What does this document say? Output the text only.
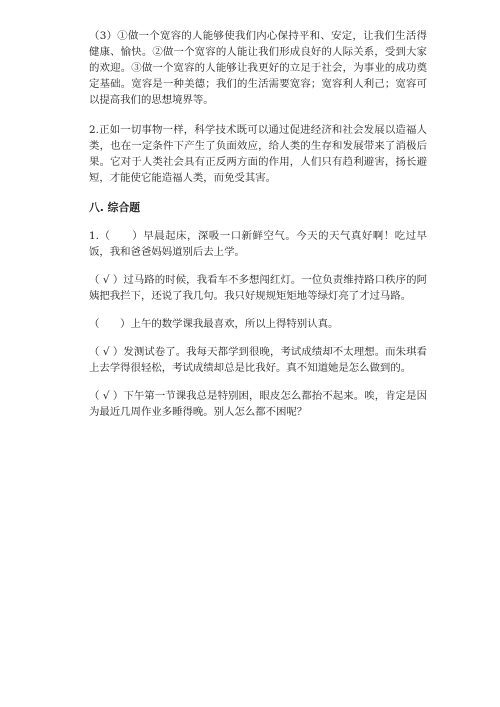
（3）①做一个宽容的人能够使我们内心保持平和、安定，让我们生活得健康、愉快。②做一个宽容的人能让我们形成良好的人际关系，受到大家的欢迎。③做一个宽容的人能够让我更好的立足于社会，为事业的成功奠定基础。宽容是一种美德；我们的生活需要宽容；宽容利人利己；宽容可以提高我们的思想境界等。

2.正如一切事物一样，科学技术既可以通过促进经济和社会发展以造福人类，也在一定条件下产生了负面效应，给人类的生存和发展带来了消极后果。它对于人类社会具有正反两方面的作用，人们只有趋利避害，扬长避短，才能使它能造福人类，而免受其害。

八. 综合题

1.（　　）早晨起床，深吸一口新鲜空气。今天的天气真好啊！吃过早饭，我和爸爸妈妈道别后去上学。

（ √ ）过马路的时候，我看车不多想闯红灯。一位负责维持路口秩序的阿姨把我拦下，还说了我几句。我只好规规矩矩地等绿灯亮了才过马路。

（　　）上午的数学课我最喜欢，所以上得特别认真。

（ √ ）发测试卷了。我每天都学到很晚，考试成绩却不太理想。而朱琪看上去学得很轻松，考试成绩却总是比我好。真不知道她是怎么做到的。

（ √ ）下午第一节课我总是特别困，眼皮怎么都抬不起来。唉，肯定是因为最近几周作业多睡得晚。别人怎么都不困呢？
